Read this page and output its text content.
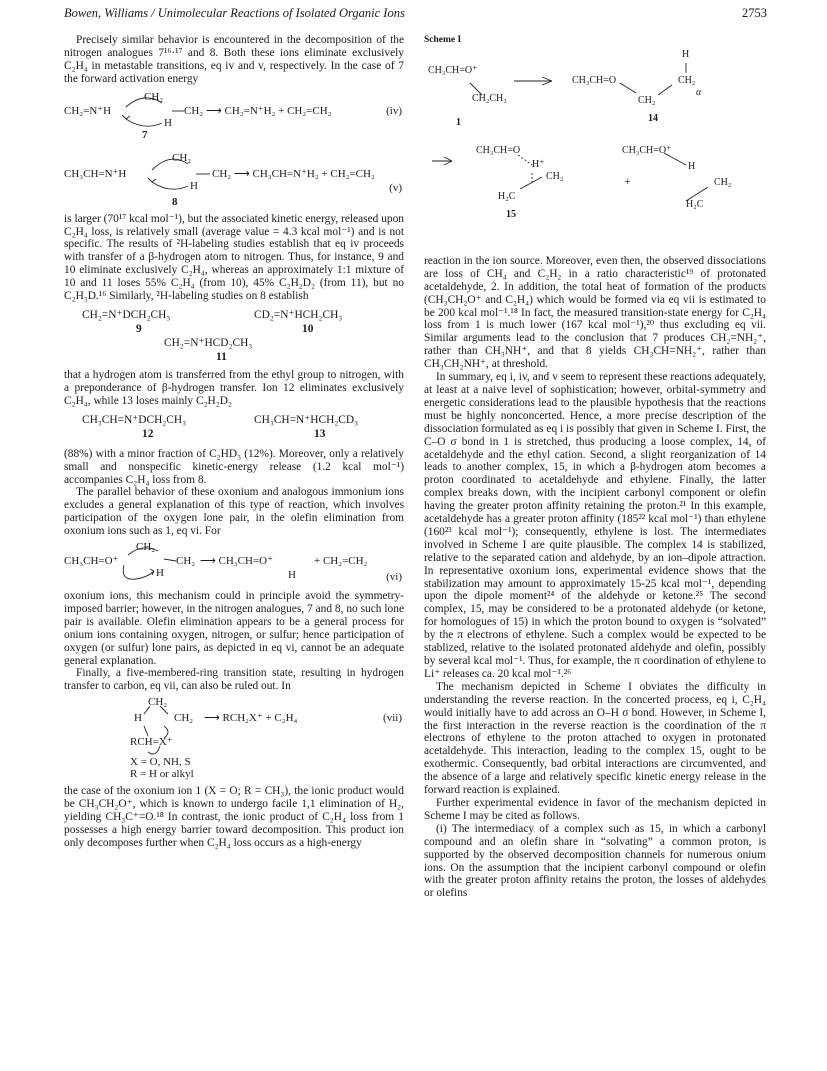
Bowen, Williams / Unimolecular Reactions of Isolated Organic Ions	2753

Precisely similar behavior is encountered in the decomposition of the nitrogen analogues 7¹⁶·¹⁷ and 8. Both these ions eliminate exclusively C₂H₄ in metastable transitions, eq iv and v, respectively. In the case of 7 the forward activation energy

CH₂=N⁺H
CH₂
CH₂
H
⟶ CH₂=N⁺H₂ + CH₂=CH₂	(iv)
7
CH₃CH=N⁺H
CH₂
CH₂
H
⟶ CH₃CH=N⁺H₂ + CH₂=CH₂
(v)
8

is larger (70¹⁷ kcal mol⁻¹), but the associated kinetic energy, released upon C₂H₄ loss, is relatively small (average value = 4.3 kcal mol⁻¹) and is not specific. The results of ²H-labeling studies establish that eq iv proceeds with transfer of a β-hydrogen atom to nitrogen. Thus, for instance, 9 and 10 eliminate exclusively C₂H₄, whereas an approximately 1:1 mixture of 10 and 11 loses 55% C₂H₄ (from 10), 45% C₂H₂D₂ (from 11), but no C₂H₃D.¹⁶ Similarly, ²H-labeling studies on 8 establish

CH₂=N⁺DCH₂CH₃
9
CD₂=N⁺HCH₂CH₃
10
CH₂=N⁺HCD₂CH₃
11

that a hydrogen atom is transferred from the ethyl group to nitrogen, with a preponderance of β-hydrogen transfer. Ion 12 eliminates exclusively C₂H₄, while 13 loses mainly C₂H₂D₂

CH₃CH=N⁺DCH₂CH₃
12
CH₃CH=N⁺HCH₂CD₃
13

(88%) with a minor fraction of C₂HD₃ (12%). Moreover, only a relatively small and nonspecific kinetic-energy release (1.2 kcal mol⁻¹) accompanies C₂H₄ loss from 8.

The parallel behavior of these oxonium and analogous immonium ions excludes a general explanation of this type of reaction, which involves participation of the oxygen lone pair, in the olefin elimination from oxonium ions such as 1, eq vi. For

CH₃CH=O⁺
CH₂
CH₂
H
⟶ CH₃CH=O⁺
H
+ CH₂=CH₂
(vi)

oxonium ions, this mechanism could in principle avoid the symmetry-imposed barrier; however, in the nitrogen analogues, 7 and 8, no such lone pair is available. Olefin elimination appears to be a general process for onium ions containing oxygen, nitrogen, or sulfur; hence participation of oxygen (or sulfur) lone pairs, as depicted in eq vi, cannot be an adequate general explanation.

Finally, a five-membered-ring transition state, resulting in hydrogen transfer to carbon, eq vii, can also be ruled out. In

CH₂
H	CH₂
RCH=X⁺
⟶ RCH₂X⁺ + C₂H₄	(vii)
X = O, NH, S
R = H or alkyl

the case of the oxonium ion 1 (X = O; R = CH₃), the ionic product would be CH₃CH₂O⁺, which is known to undergo facile 1,1 elimination of H₂, yielding CH₃C⁺=O.¹⁸ In contrast, the ionic product of C₂H₄ loss from 1 possesses a high energy barrier toward decomposition. This product ion only decomposes further when C₂H₄ loss occurs as a high-energy

Scheme I
CH₃CH=O⁺
CH₂CH₃
1
CH₃CH=O
H
CH₂
CH₂
α
14
CH₃CH=O
H⁺
CH₂
H₂C
15
CH₃CH=O⁺
H
CH₂
H₂C
+

reaction in the ion source. Moreover, even then, the observed dissociations are loss of CH₄ and C₂H₂ in a ratio characteristic¹⁹ of protonated acetaldehyde, 2. In addition, the total heat of formation of the products (CH₃CH₂O⁺ and C₂H₄) which would be formed via eq vii is estimated to be 200 kcal mol⁻¹.¹⁸ In fact, the measured transition-state energy for C₂H₄ loss from 1 is much lower (167 kcal mol⁻¹),²⁰ thus excluding eq vii. Similar arguments lead to the conclusion that 7 produces CH₂=NH₂⁺, rather than CH₃NH⁺, and that 8 yields CH₃CH=NH₂⁺, rather than CH₃CH₂NH⁺, at threshold.

In summary, eq i, iv, and v seem to represent these reactions adequately, at least at a naive level of sophistication; however, orbital-symmetry and energetic considerations lead to the plausible hypothesis that the reactions must be highly nonconcerted. Hence, a more precise description of the dissociation formulated as eq i is possibly that given in Scheme I. First, the C–O σ bond in 1 is stretched, thus producing a loose complex, 14, of acetaldehyde and the ethyl cation. Second, a slight reorganization of 14 leads to another complex, 15, in which a β-hydrogen atom becomes a proton coordinated to acetaldehyde and ethylene. Finally, the latter complex breaks down, with the incipient carbonyl component or olefin having the greater proton affinity retaining the proton.²¹ In this example, acetaldehyde has a greater proton affinity (185²² kcal mol⁻¹) than ethylene (160²³ kcal mol⁻¹); consequently, ethylene is lost. The intermediates involved in Scheme I are quite plausible. The complex 14 is stabilized, relative to the separated cation and aldehyde, by an ion–dipole attraction. In representative oxonium ions, experimental evidence shows that the stabilization may amount to approximately 15-25 kcal mol⁻¹, depending upon the dipole moment²⁴ of the aldehyde or ketone.²⁵ The second complex, 15, may be considered to be a protonated aldehyde (or ketone, for homologues of 15) in which the proton bound to oxygen is “solvated” by the π electrons of ethylene. Such a complex would be expected to be stablized, relative to the isolated protonated aldehyde and olefin, possibly by several kcal mol⁻¹. Thus, for example, the π coordination of ethylene to Li⁺ releases ca. 20 kcal mol⁻¹.²⁶

The mechanism depicted in Scheme I obviates the difficulty in understanding the reverse reaction. In the concerted process, eq i, C₂H₄ would initially have to add across an O–H σ bond. However, in Scheme I, the first interaction in the reverse reaction is the coordination of the π electrons of ethylene to the proton attached to oxygen in protonated acetaldehyde. This interaction, leading to the complex 15, ought to be exothermic. Consequently, bad orbital interactions are circumvented, and the absence of a large and relatively specific kinetic energy release in the forward reaction is explained.

Further experimental evidence in favor of the mechanism depicted in Scheme I may be cited as follows.

(i) The intermediacy of a complex such as 15, in which a carbonyl compound and an olefin share in “solvating” a common proton, is supported by the observed decomposition channels for numerous onium ions. On the assumption that the incipient carbonyl compound or olefin with the greater proton affinity retains the proton, the losses of aldehydes or olefins
